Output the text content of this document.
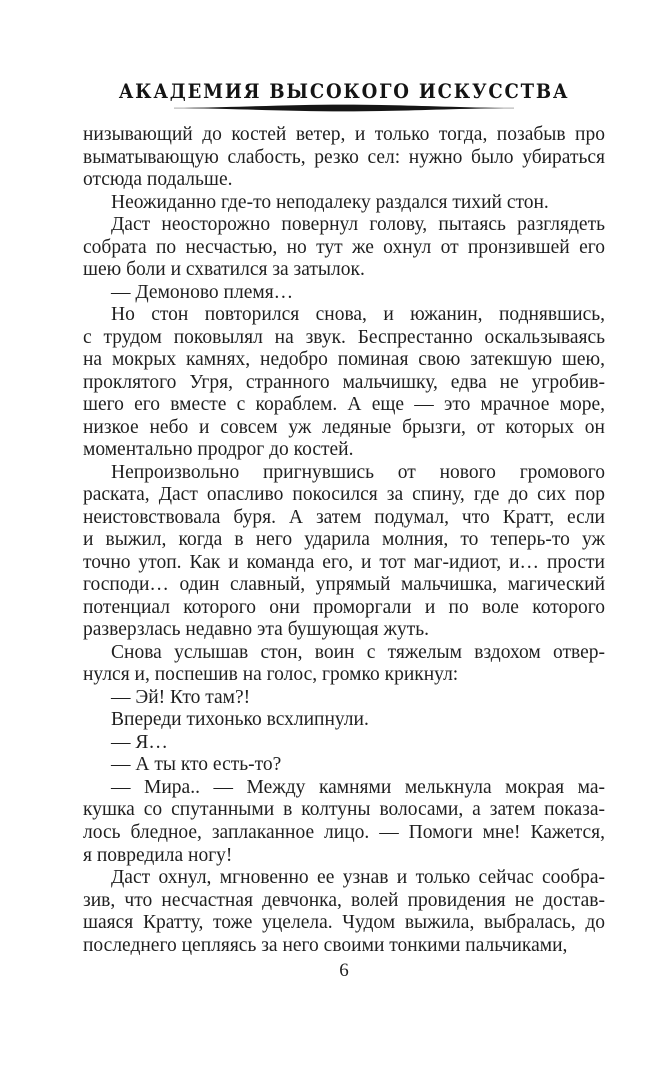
АКАДЕМИЯ ВЫСОКОГО ИСКУССТВА

низывающий до костей ветер, и только тогда, позабыв про

выматывающую слабость, резко сел: нужно было убираться

отсюда подальше.

Неожиданно где-то неподалеку раздался тихий стон.

Даст неосторожно повернул голову, пытаясь разглядеть

собрата по несчастью, но тут же охнул от пронзившей его

шею боли и схватился за затылок.

— Демоново племя…

Но стон повторился снова, и южанин, поднявшись,

с трудом поковылял на звук. Беспрестанно оскальзываясь

на мокрых камнях, недобро поминая свою затекшую шею,

проклятого Угря, странного мальчишку, едва не угробив-

шего его вместе с кораблем. А еще — это мрачное море,

низкое небо и совсем уж ледяные брызги, от которых он

моментально продрог до костей.

Непроизвольно пригнувшись от нового громового

раската, Даст опасливо покосился за спину, где до сих пор

неистовствовала буря. А затем подумал, что Кратт, если

и выжил, когда в него ударила молния, то теперь-то уж

точно утоп. Как и команда его, и тот маг-идиот, и… прости

господи… один славный, упрямый мальчишка, магический

потенциал которого они проморгали и по воле которого

разверзлась недавно эта бушующая жуть.

Снова услышав стон, воин с тяжелым вздохом отвер-

нулся и, поспешив на голос, громко крикнул:

— Эй! Кто там?!

Впереди тихонько всхлипнули.

— Я…

— А ты кто есть-то?

— Мира.. — Между камнями мелькнула мокрая ма-

кушка со спутанными в колтуны волосами, а затем показа-

лось бледное, заплаканное лицо. — Помоги мне! Кажется,

я повредила ногу!

Даст охнул, мгновенно ее узнав и только сейчас сообра-

зив, что несчастная девчонка, волей провидения не достав-

шаяся Кратту, тоже уцелела. Чудом выжила, выбралась, до

последнего цепляясь за него своими тонкими пальчиками,

6
